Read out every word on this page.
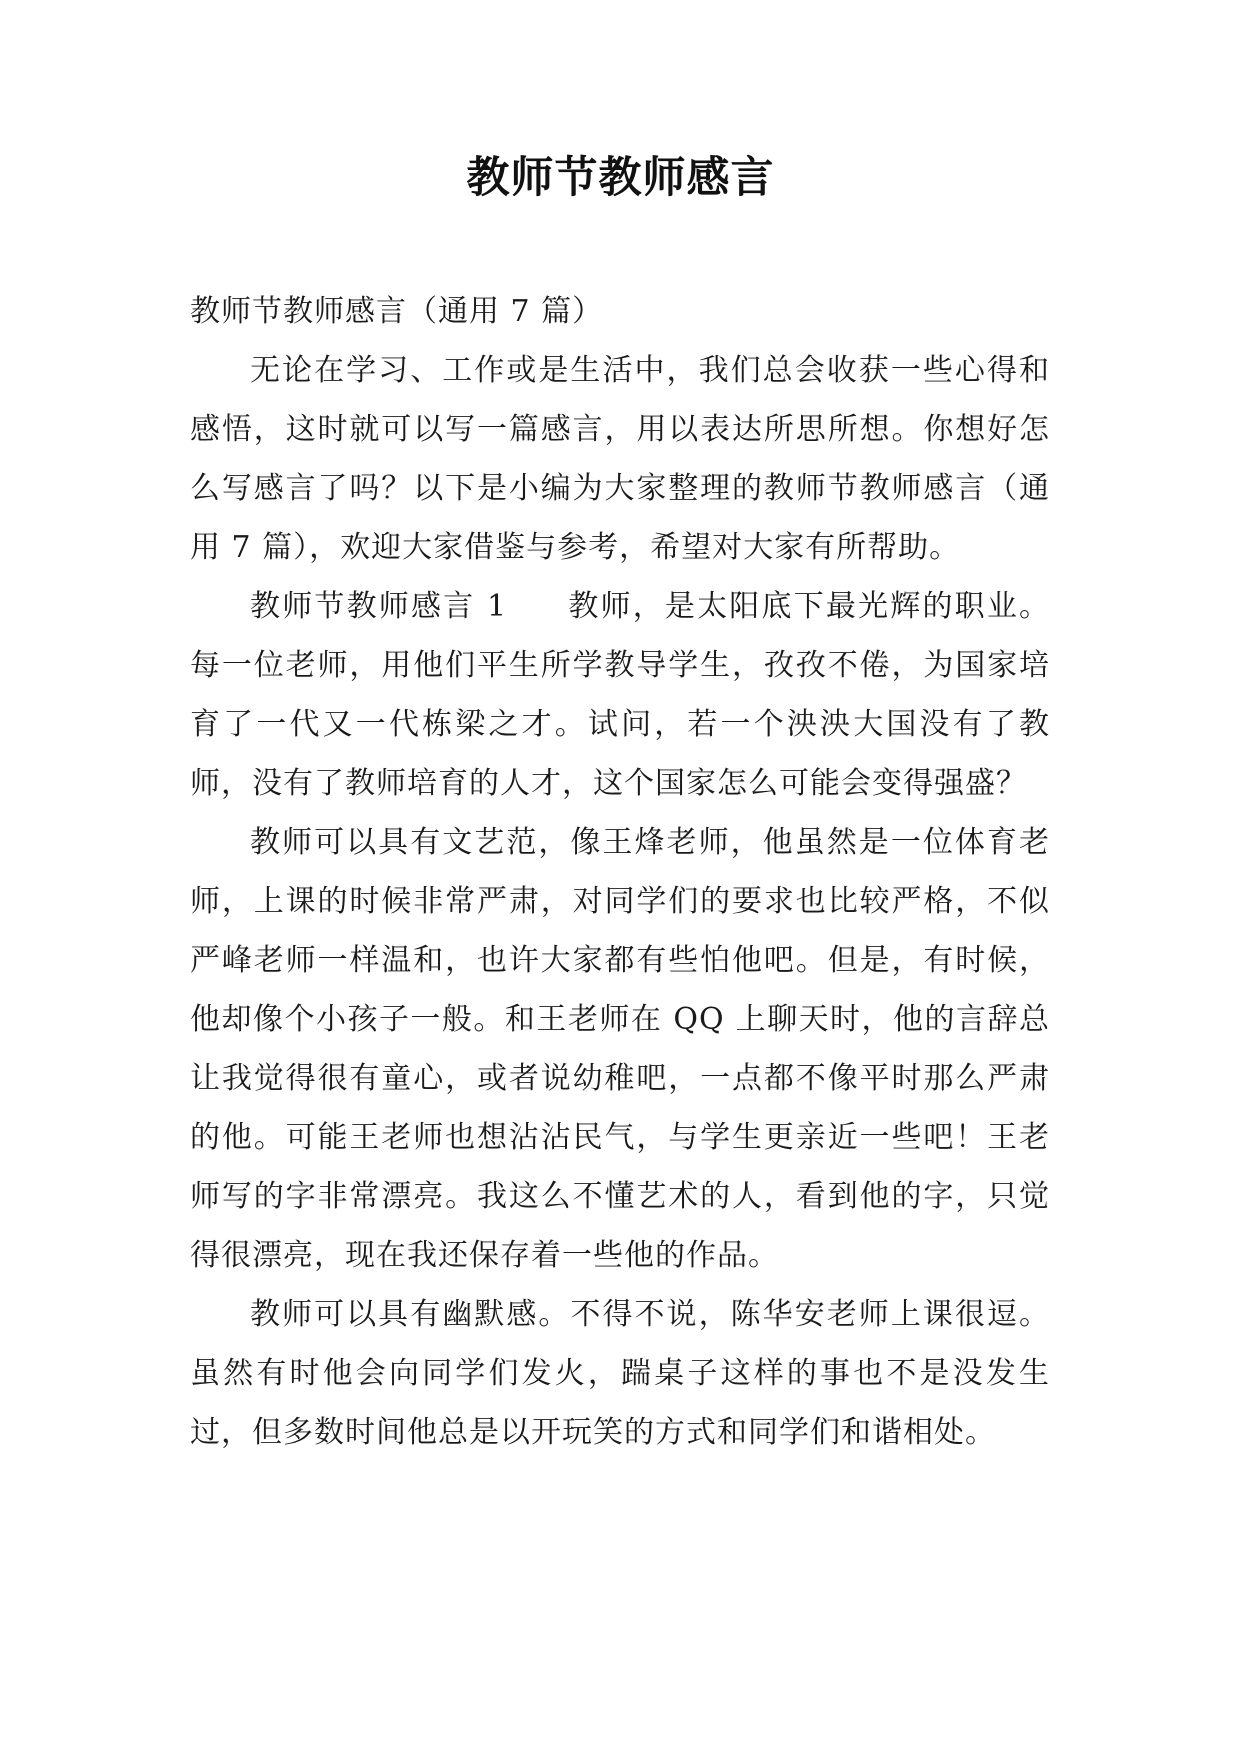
教师节教师感言

教师节教师感言（通用 7 篇）

无论在学习、工作或是生活中，我们总会收获一些心得和感悟，这时就可以写一篇感言，用以表达所思所想。你想好怎么写感言了吗？以下是小编为大家整理的教师节教师感言（通用 7 篇），欢迎大家借鉴与参考，希望对大家有所帮助。

教师节教师感言 1 教师，是太阳底下最光辉的职业。每一位老师，用他们平生所学教导学生，孜孜不倦，为国家培育了一代又一代栋梁之才。试问，若一个泱泱大国没有了教师，没有了教师培育的人才，这个国家怎么可能会变得强盛？

教师可以具有文艺范，像王烽老师，他虽然是一位体育老师，上课的时候非常严肃，对同学们的要求也比较严格，不似严峰老师一样温和，也许大家都有些怕他吧。但是，有时候，他却像个小孩子一般。和王老师在 QQ 上聊天时，他的言辞总让我觉得很有童心，或者说幼稚吧，一点都不像平时那么严肃的他。可能王老师也想沾沾民气，与学生更亲近一些吧！王老师写的字非常漂亮。我这么不懂艺术的人，看到他的字，只觉得很漂亮，现在我还保存着一些他的作品。

教师可以具有幽默感。不得不说，陈华安老师上课很逗。虽然有时他会向同学们发火，踹桌子这样的事也不是没发生过，但多数时间他总是以开玩笑的方式和同学们和谐相处。
